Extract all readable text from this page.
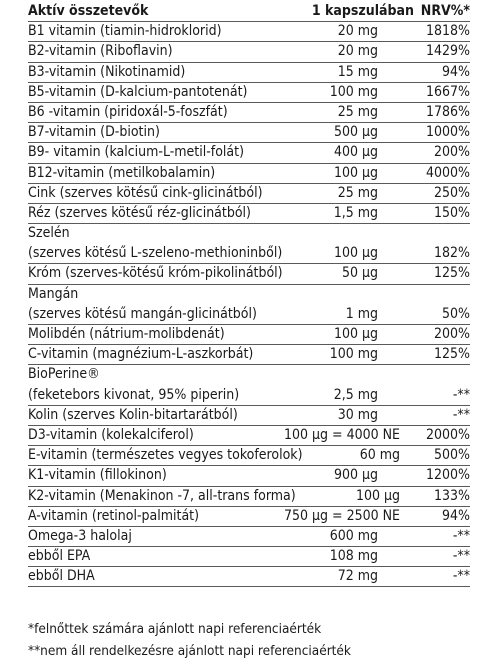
Aktív összetevők	1 kapszulában NRV%*
B1 vitamin (tiamin-hidroklorid)	20 mg	1818%
B2-vitamin (Riboflavin)	20 mg	1429%
B3-vitamin (Nikotinamid)	15 mg	94%
B5-vitamin (D-kalcium-pantotenát)	100 mg	1667%
B6 -vitamin (piridoxál-5-foszfát)	25 mg	1786%
B7-vitamin (D-biotin)	500 µg	1000%
B9- vitamin (kalcium-L-metil-folát)	400 µg	200%
B12-vitamin (metilkobalamin)	100 µg	4000%
Cink (szerves kötésű cink-glicinátból)	25 mg	250%
Réz (szerves kötésű réz-glicinátból)	1,5 mg	150%
Szelén
(szerves kötésű L-szeleno-methioninből)	100 µg	182%
Króm (szerves-kötésű króm-pikolinátból)	50 µg	125%
Mangán
(szerves kötésű mangán-glicinátból)	1 mg	50%
Molibdén (nátrium-molibdenát)	100 µg	200%
C-vitamin (magnézium-L-aszkorbát)	100 mg	125%
BioPerine®
(feketebors kivonat, 95% piperin)	2,5 mg	-**
Kolin (szerves Kolin-bitartarátból)	30 mg	-**
D3-vitamin (kolekalciferol)	100 µg = 4000 NE 2000%
E-vitamin (természetes vegyes tokoferolok)	60 mg 500%
K1-vitamin (fillokinon)	900 µg	1200%
K2-vitamin (Menakinon -7, all-trans forma)	100 µg 133%
A-vitamin (retinol-palmitát)	750 µg = 2500 NE	94%
Omega-3 halolaj	600 mg	-**
ebből EPA	108 mg	-**
ebből DHA	72 mg	-**
*felnőttek számára ajánlott napi referenciaérték
**nem áll rendelkezésre ajánlott napi referenciaérték
